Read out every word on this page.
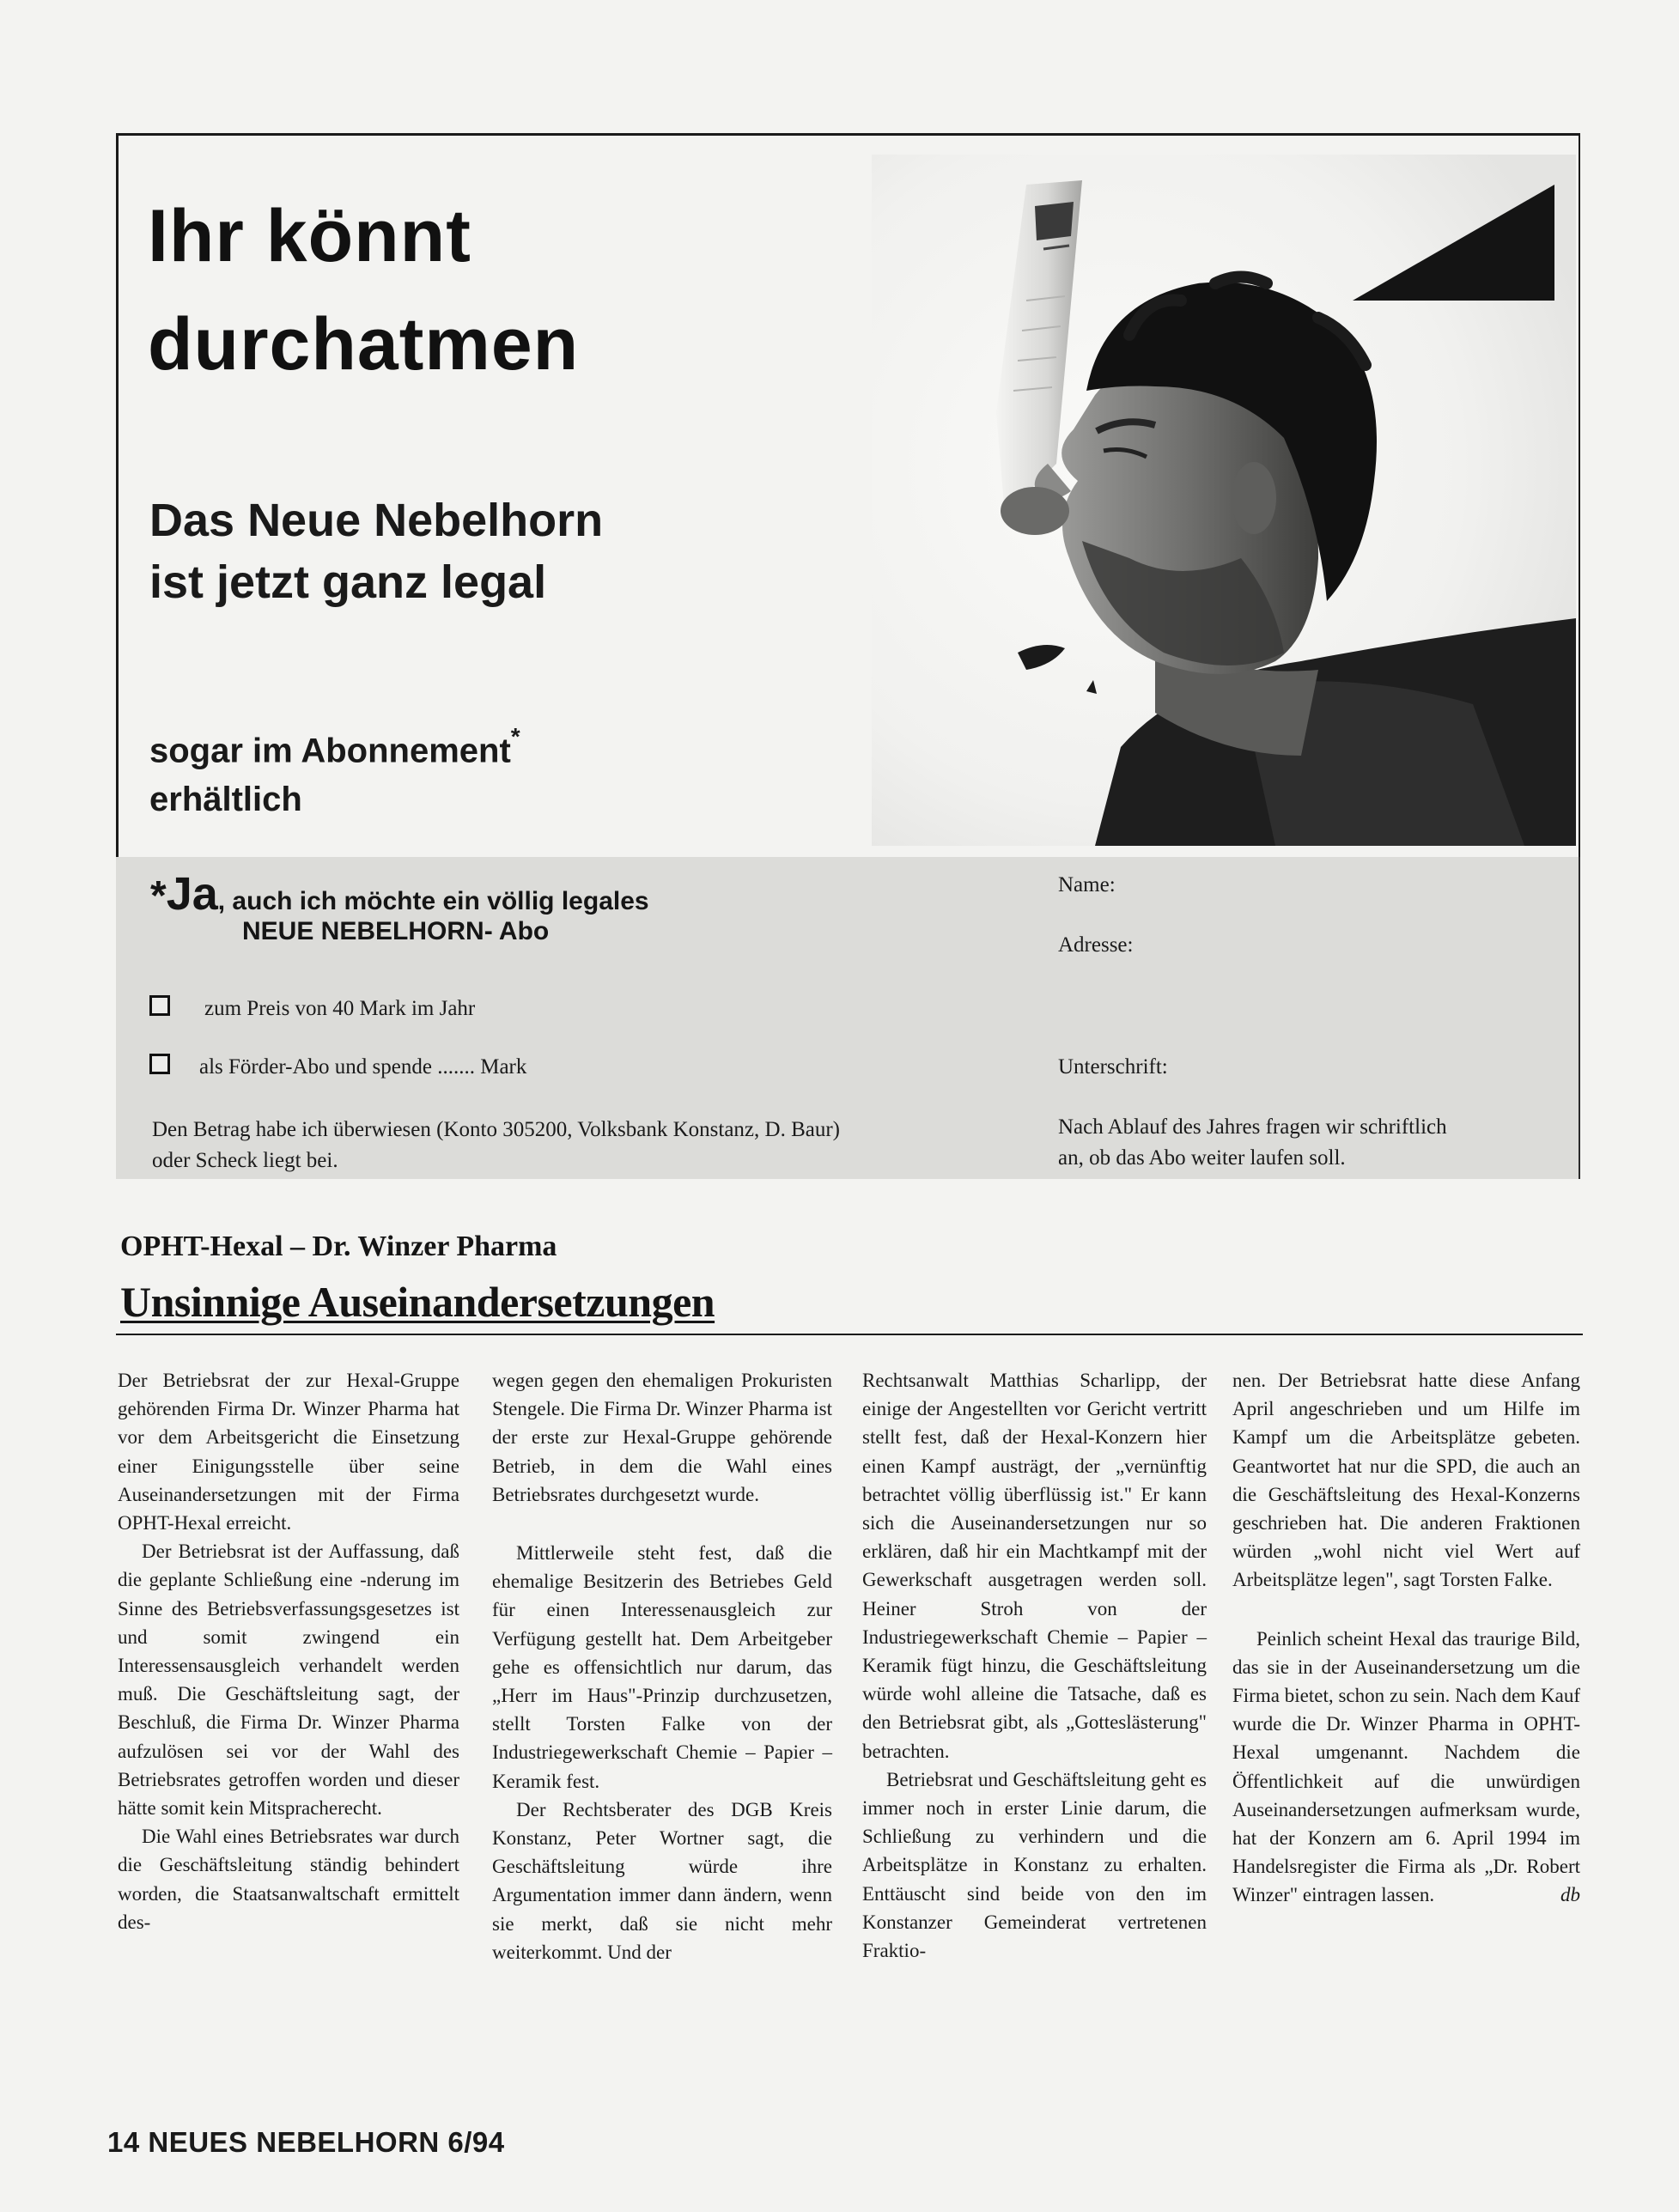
Ihr könnt
durchatmen
Das Neue Nebelhorn
ist jetzt ganz legal
sogar im Abonnement*
erhältlich
*Ja, auch ich möchte ein völlig legales
NEUE NEBELHORN- Abo
zum Preis von 40 Mark im Jahr
als Förder-Abo und spende ....... Mark
Den Betrag habe ich überwiesen (Konto 305200, Volksbank Konstanz, D. Baur)
oder Scheck liegt bei.
Name:
Adresse:
Unterschrift:
Nach Ablauf des Jahres fragen wir schriftlich
an, ob das Abo weiter laufen soll.
OPHT-Hexal – Dr. Winzer Pharma
Unsinnige Auseinandersetzungen

Der Betriebsrat der zur Hexal-Gruppe gehörenden Firma Dr. Winzer Pharma hat vor dem Arbeitsgericht die Einsetzung einer Einigungsstelle über seine Auseinandersetzungen mit der Firma OPHT-Hexal erreicht.

Der Betriebsrat ist der Auffassung, daß die geplante Schließung eine -nderung im Sinne des Betriebsverfassungsgesetzes ist und somit zwingend ein Interessensausgleich verhandelt werden muß. Die Geschäftsleitung sagt, der Beschluß, die Firma Dr. Winzer Pharma aufzulösen sei vor der Wahl des Betriebsrates getroffen worden und dieser hätte somit kein Mitspracherecht.

Die Wahl eines Betriebsrates war durch die Geschäftsleitung ständig behindert worden, die Staatsanwaltschaft ermittelt des-

wegen gegen den ehemaligen Prokuristen Stengele. Die Firma Dr. Winzer Pharma ist der erste zur Hexal-Gruppe gehörende Betrieb, in dem die Wahl eines Betriebsrates durchgesetzt wurde.

Mittlerweile steht fest, daß die ehemalige Besitzerin des Betriebes Geld für einen Interessenausgleich zur Verfügung gestellt hat. Dem Arbeitgeber gehe es offensichtlich nur darum, das „Herr im Haus"-Prinzip durchzusetzen, stellt Torsten Falke von der Industriegewerkschaft Chemie – Papier – Keramik fest.

Der Rechtsberater des DGB Kreis Konstanz, Peter Wortner sagt, die Geschäftsleitung würde ihre Argumentation immer dann ändern, wenn sie merkt, daß sie nicht mehr weiterkommt. Und der

Rechtsanwalt Matthias Scharlipp, der einige der Angestellten vor Gericht vertritt stellt fest, daß der Hexal-Konzern hier einen Kampf austrägt, der „vernünftig betrachtet völlig überflüssig ist." Er kann sich die Auseinandersetzungen nur so erklären, daß hir ein Machtkampf mit der Gewerkschaft ausgetragen werden soll. Heiner Stroh von der Industriegewerkschaft Chemie – Papier – Keramik fügt hinzu, die Geschäftsleitung würde wohl alleine die Tatsache, daß es den Betriebsrat gibt, als „Gotteslästerung" betrachten.

Betriebsrat und Geschäftsleitung geht es immer noch in erster Linie darum, die Schließung zu verhindern und die Arbeitsplätze in Konstanz zu erhalten. Enttäuscht sind beide von den im Konstanzer Gemeinderat vertretenen Fraktio-

nen. Der Betriebsrat hatte diese Anfang April angeschrieben und um Hilfe im Kampf um die Arbeitsplätze gebeten. Geantwortet hat nur die SPD, die auch an die Geschäftsleitung des Hexal-Konzerns geschrieben hat. Die anderen Fraktionen würden „wohl nicht viel Wert auf Arbeitsplätze legen", sagt Torsten Falke.

Peinlich scheint Hexal das traurige Bild, das sie in der Auseinandersetzung um die Firma bietet, schon zu sein. Nach dem Kauf wurde die Dr. Winzer Pharma in OPHT-Hexal umgenannt. Nachdem die Öffentlichkeit auf die unwürdigen Auseinandersetzungen aufmerksam wurde, hat der Konzern am 6. April 1994 im Handelsregister die Firma als „Dr. Robert Winzer" eintragen lassen.	db

14 NEUES NEBELHORN 6/94
